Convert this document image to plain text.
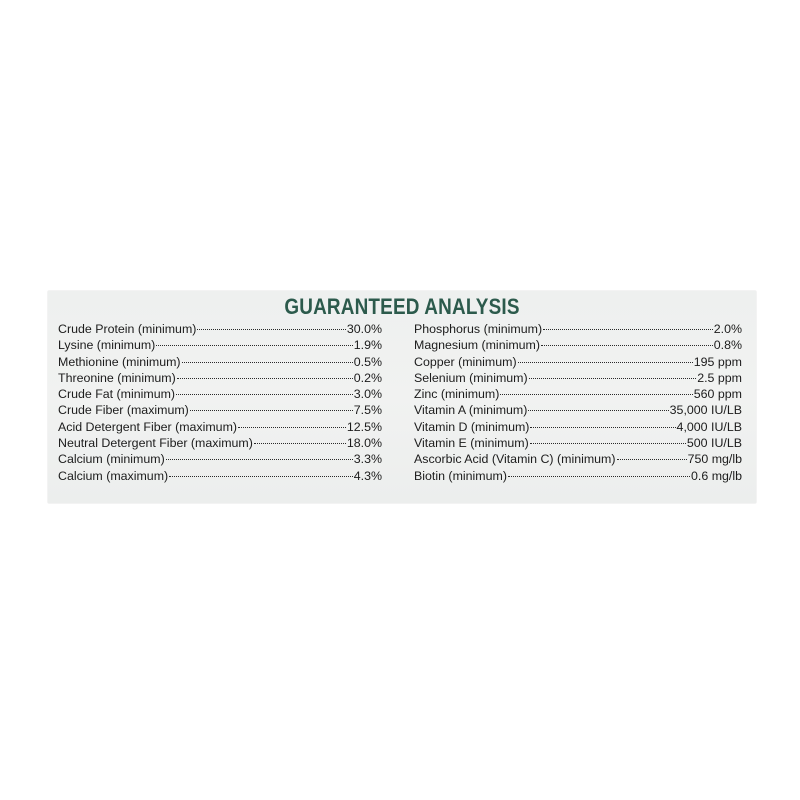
GUARANTEED ANALYSIS
Crude Protein (minimum)	30.0%
Lysine (minimum)	1.9%
Methionine (minimum)	0.5%
Threonine (minimum)	0.2%
Crude Fat (minimum)	3.0%
Crude Fiber (maximum)	7.5%
Acid Detergent Fiber (maximum)	12.5%
Neutral Detergent Fiber (maximum)	18.0%
Calcium (minimum)	3.3%
Calcium (maximum)	4.3%
Phosphorus (minimum)	2.0%
Magnesium (minimum)	0.8%
Copper (minimum)	195 ppm
Selenium (minimum)	2.5 ppm
Zinc (minimum)	560 ppm
Vitamin A (minimum)	35,000 IU/LB
Vitamin D (minimum)	4,000 IU/LB
Vitamin E (minimum)	500 IU/LB
Ascorbic Acid (Vitamin C) (minimum)	750 mg/lb
Biotin (minimum)	0.6 mg/lb
